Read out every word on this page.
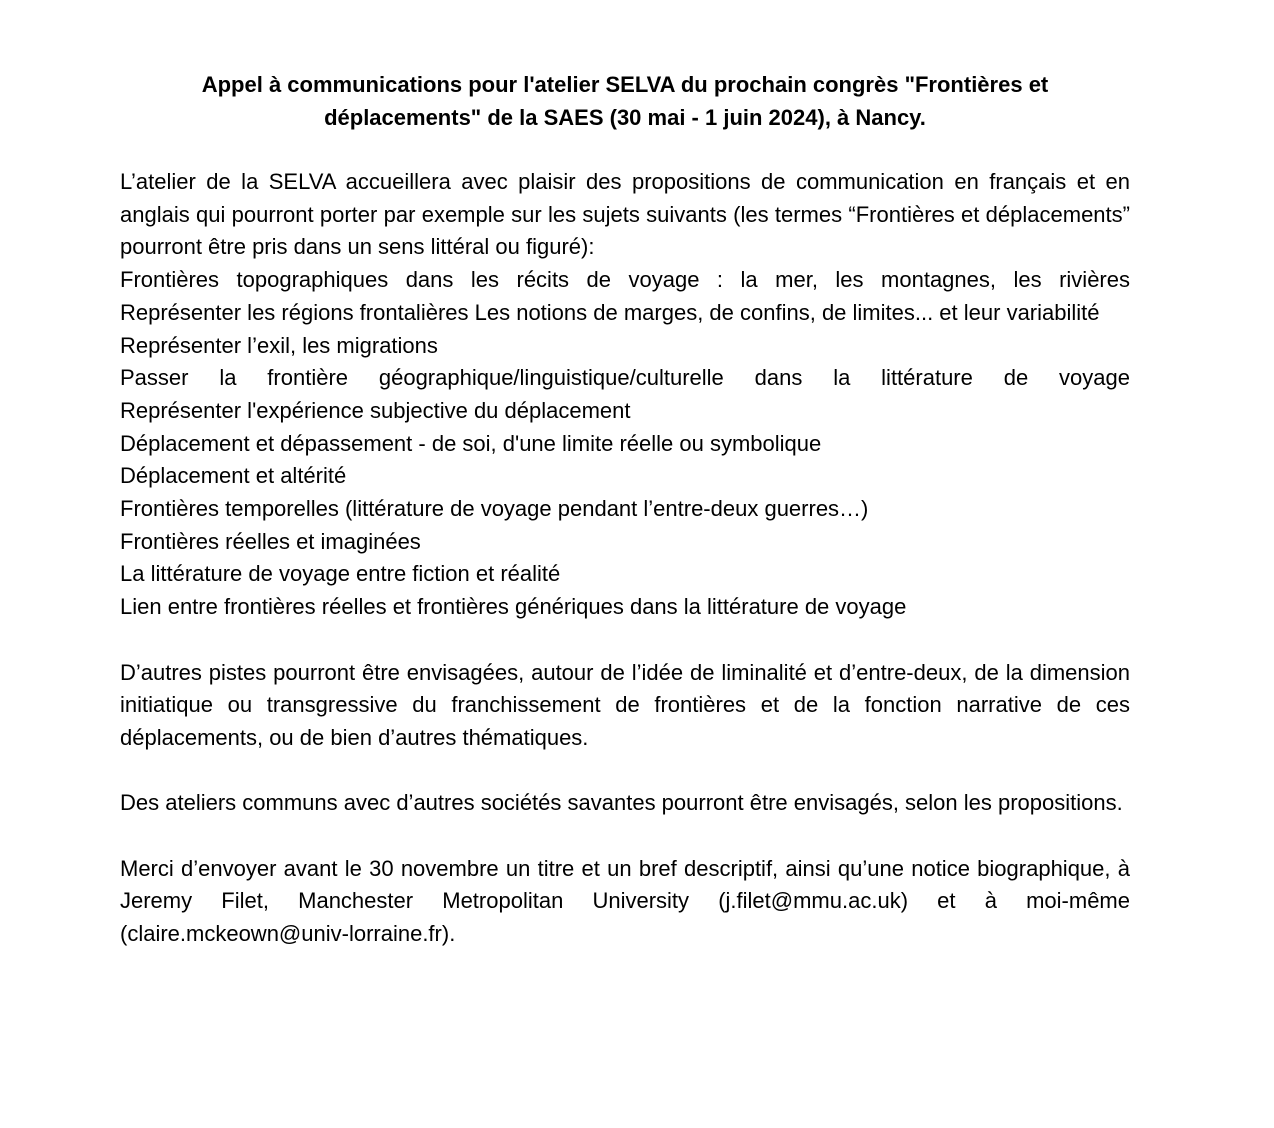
Appel à communications pour l'atelier SELVA du prochain congrès "Frontières et
déplacements" de la SAES (30 mai - 1 juin 2024), à Nancy.

L’atelier de la SELVA accueillera avec plaisir des propositions de communication en français et en anglais qui pourront porter par exemple sur les sujets suivants (les termes “Frontières et déplacements” pourront être pris dans un sens littéral ou figuré):

Frontières topographiques dans les récits de voyage : la mer, les montagnes, les rivières
Représenter les régions frontalières Les notions de marges, de confins, de limites... et leur variabilité
Représenter l’exil, les migrations
Passer la frontière géographique/linguistique/culturelle dans la littérature de voyage
Représenter l'expérience subjective du déplacement
Déplacement et dépassement - de soi, d'une limite réelle ou symbolique
Déplacement et altérité
Frontières temporelles (littérature de voyage pendant l’entre-deux guerres…)
Frontières réelles et imaginées
La littérature de voyage entre fiction et réalité
Lien entre frontières réelles et frontières génériques dans la littérature de voyage

D’autres pistes pourront être envisagées, autour de l’idée de liminalité et d’entre-deux, de la dimension initiatique ou transgressive du franchissement de frontières et de la fonction narrative de ces déplacements, ou de bien d’autres thématiques.

Des ateliers communs avec d’autres sociétés savantes pourront être envisagés, selon les propositions.

Merci d’envoyer avant le 30 novembre un titre et un bref descriptif, ainsi qu’une notice biographique, à Jeremy Filet, Manchester Metropolitan University (j.filet@mmu.ac.uk) et à moi-même (claire.mckeown@univ-lorraine.fr).
